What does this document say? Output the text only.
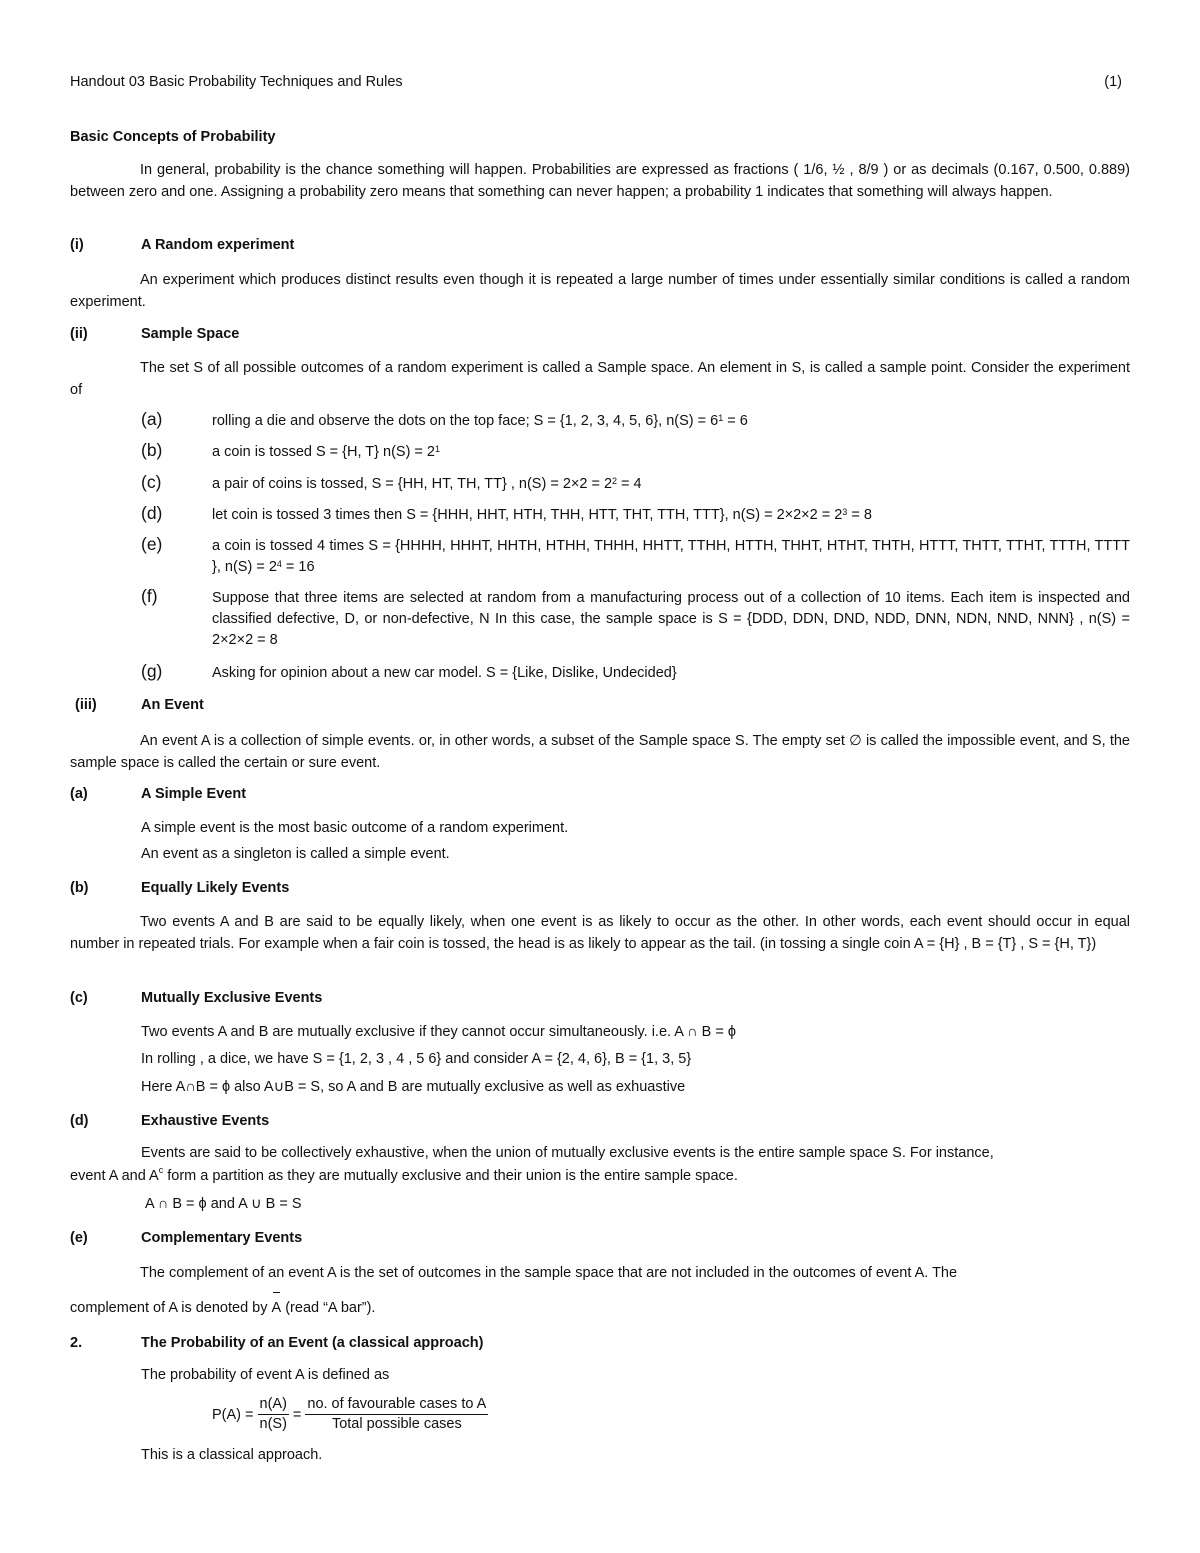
Handout 03 Basic Probability Techniques and Rules	(1)
Basic Concepts of Probability
In general, probability is the chance something will happen. Probabilities are expressed as fractions ( 1/6, ½ , 8/9 ) or as decimals (0.167, 0.500, 0.889) between zero and one. Assigning a probability zero means that something can never happen; a probability 1 indicates that something will always happen.
(i)	A Random experiment
An experiment which produces distinct results even though it is repeated a large number of times under essentially similar conditions is called a random experiment.
(ii)	Sample Space
The set S of all possible outcomes of a random experiment is called a Sample space. An element in S, is called a sample point. Consider the experiment of
(a)	rolling a die and observe the dots on the top face; S = {1, 2, 3, 4, 5, 6}, $n(S) = 6^1 = 6$
(b)	a coin is tossed S = {H, T} $n(S) = 2^1$
(c)	a pair of coins is tossed, S = {HH, HT, TH, TT} , $n(S) = 2\times 2 = 2^2 = 4$
(d)	let coin is tossed 3 times then S = {HHH, HHT, HTH, THH, HTT, THT, TTH, TTT}, $n(S) = 2\times 2\times 2 = 2^3 = 8$
(e)	a coin is tossed 4 times S = {HHHH, HHHT, HHTH, HTHH, THHH, HHTT, TTHH, HTTH, THHT, HTHT, THTH, HTTT, THTT, TTHT, TTTH, TTTT }, $n(S) = 2^4 = 16$
(f)	Suppose that three items are selected at random from a manufacturing process out of a collection of 10 items. Each item is inspected and classified defective, D, or non-defective, N In this case, the sample space is S = {DDD, DDN, DND, NDD, DNN, NDN, NND, NNN} , n(S) = 2×2×2 = 8
(g)	Asking for opinion about a new car model. S = {Like, Dislike, Undecided}
(iii)	An Event
An event A is a collection of simple events. or, in other words, a subset of the Sample space S. The empty set ∅ is called the impossible event, and S, the sample space is called the certain or sure event.
(a)	A Simple Event
A simple event is the most basic outcome of a random experiment.
An event as a singleton is called a simple event.
(b)	Equally Likely Events
Two events A and B are said to be equally likely, when one event is as likely to occur as the other. In other words, each event should occur in equal number in repeated trials. For example when a fair coin is tossed, the head is as likely to appear as the tail. (in tossing a single coin A = {H} , B = {T} , S = {H, T})
(c)	Mutually Exclusive Events
Two events A and B are mutually exclusive if they cannot occur simultaneously. i.e. A ∩ B = ϕ
In rolling , a dice, we have S = {1, 2, 3 , 4 , 5 6} and consider A = {2, 4, 6}, B = {1, 3, 5}
Here A∩B = ϕ also A∪B = S, so A and B are mutually exclusive as well as exhuastive
(d)	Exhaustive Events
Events are said to be collectively exhaustive, when the union of mutually exclusive events is the entire sample space S. For instance,
event A and $A^c$ form a partition as they are mutually exclusive and their union is the entire sample space.
A ∩ B = ϕ and A ∪ B = S
(e)	Complementary Events
The complement of an event A is the set of outcomes in the sample space that are not included in the outcomes of event A. The
complement of A is denoted by A (read “A bar”).
2.	The Probability of an Event (a classical approach)
The probability of event A is defined as
$P(A) = \frac{n(A)}{n(S)} = \frac{\text{no. of favourable cases to A}}{\text{Total possible cases}}$
This is a classical approach.
